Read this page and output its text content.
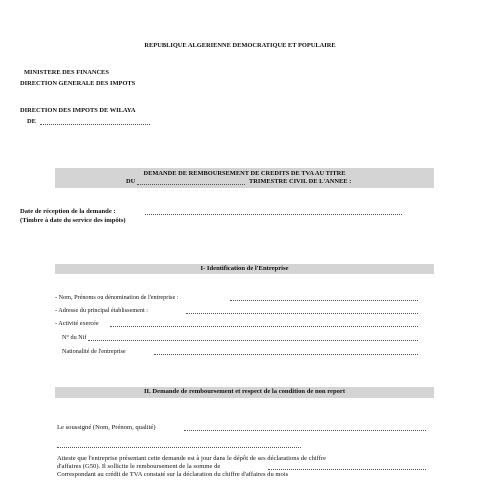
REPUBLIQUE ALGERIENNE DEMOCRATIQUE ET POPULAIRE
MINISTERE DES FINANCES
DIRECTION GENERALE DES IMPOTS
DIRECTION DES IMPOTS DE WILAYA
DE
DEMANDE DE REMBOURSEMENT DE CREDITS DE TVA AU TITRE
DU	TRIMESTRE CIVIL DE L'ANNEE :
Date de réception de la demande :
(Timbre à date du service des impôts)
I- Identification de l'Entreprise
- Nom, Prénoms ou dénomination de l'entreprise :
- Adresse du principal établissement :
- Activité exercée
N° du Nif
Nationalité de l'entreprise
II. Demande de remboursement et respect de la condition de non report
Le soussigné (Nom, Prénom, qualité)
Atteste que l'entreprise présentant cette demande est à jour dans le dépôt de ses déclarations de chiffre
d'affaires (G50). Il sollicite le remboursement de la somme de
Correspondant au crédit de TVA constaté sur la déclaration du chiffre d'affaires du mois
